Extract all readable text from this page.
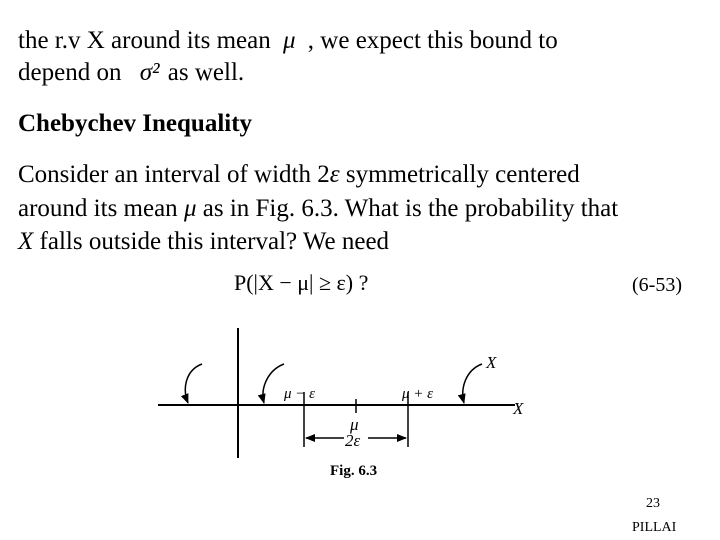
the r.v X around its mean μ , we expect this bound to
depend on σ² as well.
Chebychev Inequality
Consider an interval of width 2ε symmetrically centered
around its mean μ as in Fig. 6.3. What is the probability that
X falls outside this interval? We need
P(|X − μ| ≥ ε) ?	(6-53)
X
X
μ − ε	μ + ε
μ
2ε
Fig. 6.3
23
PILLAI
